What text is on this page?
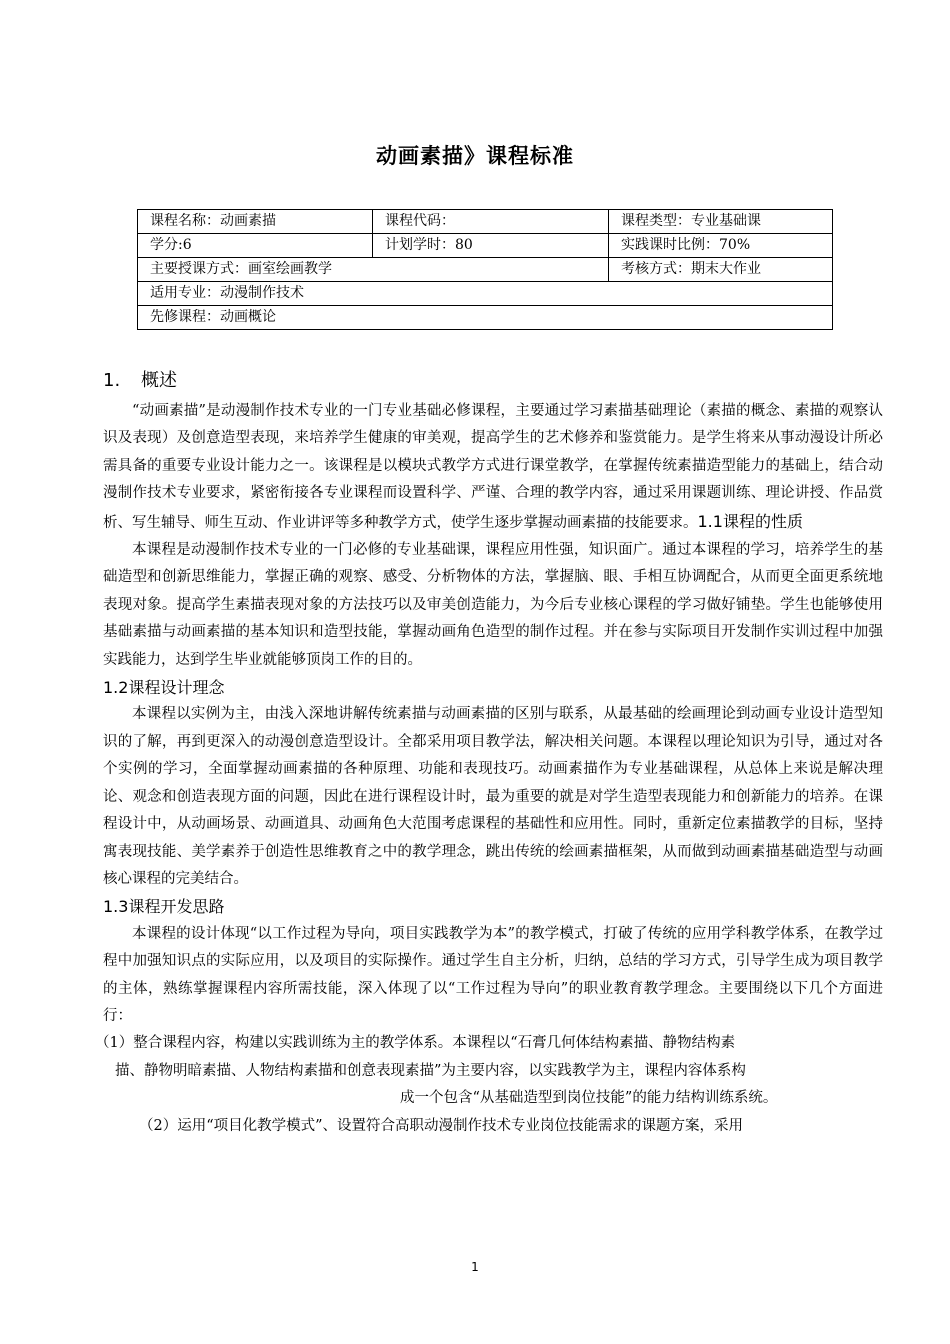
动画素描》课程标准
课程名称：动画素描	课程代码：	课程类型：专业基础课
学分:6	计划学时：80	实践课时比例：70%
主要授课方式：画室绘画教学		考核方式：期末大作业
适用专业：动漫制作技术		
先修课程：动画概论		
1. 概述

“动画素描”是动漫制作技术专业的一门专业基础必修课程，主要通过学习素描基础理论（素描的概念、素描的观察认识及表现）及创意造型表现，来培养学生健康的审美观，提高学生的艺术修养和鉴赏能力。是学生将来从事动漫设计所必需具备的重要专业设计能力之一。该课程是以模块式教学方式进行课堂教学，在掌握传统素描造型能力的基础上，结合动漫制作技术专业要求，紧密衔接各专业课程而设置科学、严谨、合理的教学内容，通过采用课题训练、理论讲授、作品赏析、写生辅导、师生互动、作业讲评等多种教学方式，使学生逐步掌握动画素描的技能要求。1.1课程的性质

本课程是动漫制作技术专业的一门必修的专业基础课，课程应用性强，知识面广。通过本课程的学习，培养学生的基础造型和创新思维能力，掌握正确的观察、感受、分析物体的方法，掌握脑、眼、手相互协调配合，从而更全面更系统地表现对象。提高学生素描表现对象的方法技巧以及审美创造能力，为今后专业核心课程的学习做好铺垫。学生也能够使用基础素描与动画素描的基本知识和造型技能，掌握动画角色造型的制作过程。并在参与实际项目开发制作实训过程中加强实践能力，达到学生毕业就能够顶岗工作的目的。

1.2课程设计理念

本课程以实例为主，由浅入深地讲解传统素描与动画素描的区别与联系，从最基础的绘画理论到动画专业设计造型知识的了解，再到更深入的动漫创意造型设计。全都采用项目教学法，解决相关问题。本课程以理论知识为引导，通过对各个实例的学习，全面掌握动画素描的各种原理、功能和表现技巧。动画素描作为专业基础课程，从总体上来说是解决理论、观念和创造表现方面的问题，因此在进行课程设计时，最为重要的就是对学生造型表现能力和创新能力的培养。在课程设计中，从动画场景、动画道具、动画角色大范围考虑课程的基础性和应用性。同时，重新定位素描教学的目标，坚持寓表现技能、美学素养于创造性思维教育之中的教学理念，跳出传统的绘画素描框架，从而做到动画素描基础造型与动画核心课程的完美结合。

1.3课程开发思路

本课程的设计体现“以工作过程为导向，项目实践教学为本”的教学模式，打破了传统的应用学科教学体系，在教学过程中加强知识点的实际应用，以及项目的实际操作。通过学生自主分析，归纳，总结的学习方式，引导学生成为项目教学的主体，熟练掌握课程内容所需技能，深入体现了以“工作过程为导向”的职业教育教学理念。主要围绕以下几个方面进行：

（1）整合课程内容，构建以实践训练为主的教学体系。本课程以“石膏几何体结构素描、静物结构素
描、静物明暗素描、人物结构素描和创意表现素描”为主要内容，以实践教学为主，课程内容体系构
成一个包含“从基础造型到岗位技能”的能力结构训练系统。
（2）运用“项目化教学模式”、设置符合高职动漫制作技术专业岗位技能需求的课题方案，采用
1
